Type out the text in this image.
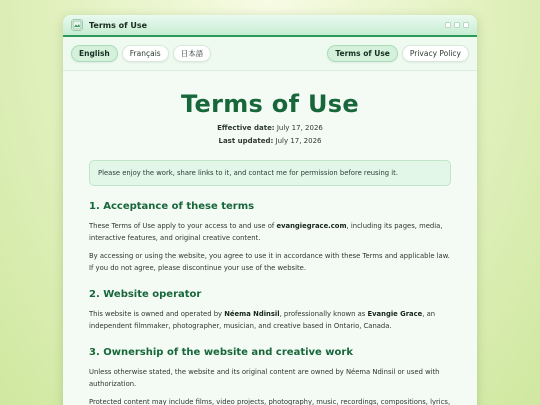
Terms of Use
English	Français	日本語	Terms of Use	Privacy Policy
Terms of Use
Effective date: July 17, 2026
Last updated: July 17, 2026
Please enjoy the work, share links to it, and contact me for permission before reusing it.
1. Acceptance of these terms

These Terms of Use apply to your access to and use of evangiegrace.com, including its pages, media, interactive features, and original creative content.

By accessing or using the website, you agree to use it in accordance with these Terms and applicable law. If you do not agree, please discontinue your use of the website.

2. Website operator

This website is owned and operated by Néema Ndinsil, professionally known as Evangie Grace, an independent filmmaker, photographer, musician, and creative based in Ontario, Canada.

3. Ownership of the website and creative work

Unless otherwise stated, the website and its original content are owned by Néema Ndinsil or used with authorization.

Protected content may include films, video projects, photography, music, recordings, compositions, lyrics,
